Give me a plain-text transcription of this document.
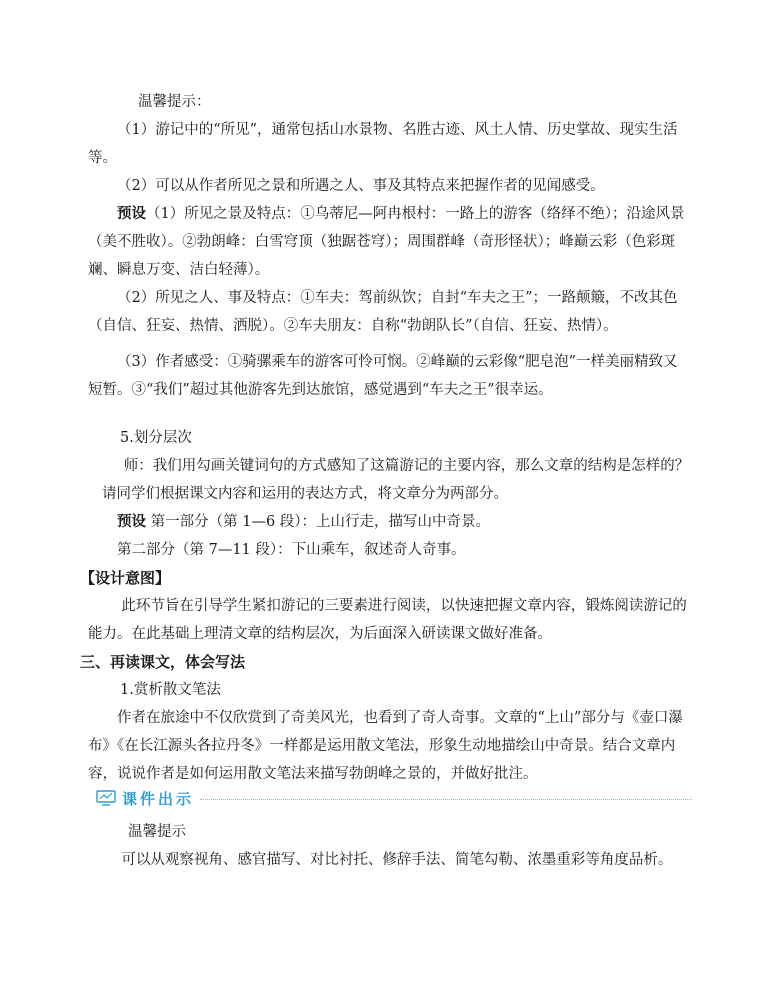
温馨提示：

（1）游记中的“所见”，通常包括山水景物、名胜古迹、风土人情、历史掌故、现实生活等。

（2）可以从作者所见之景和所遇之人、事及其特点来把握作者的见闻感受。

预设（1）所见之景及特点：①乌蒂尼—阿冉根村：一路上的游客（络绎不绝）；沿途风景（美不胜收）。②勃朗峰：白雪穹顶（独踞苍穹）；周围群峰（奇形怪状）；峰巅云彩（色彩斑斓、瞬息万变、洁白轻薄）。

（2）所见之人、事及特点：①车夫：驾前纵饮；自封“车夫之王”；一路颠簸，不改其色（自信、狂妄、热情、洒脱）。②车夫朋友：自称“勃朗队长”（自信、狂妄、热情）。

（3）作者感受：①骑骡乘车的游客可怜可悯。②峰巅的云彩像“肥皂泡”一样美丽精致又短暂。③“我们”超过其他游客先到达旅馆，感觉遇到“车夫之王”很幸运。

5.划分层次

师：我们用勾画关键词句的方式感知了这篇游记的主要内容，那么文章的结构是怎样的？请同学们根据课文内容和运用的表达方式，将文章分为两部分。

预设 第一部分（第 1—6 段）：上山行走，描写山中奇景。

第二部分（第 7—11 段）：下山乘车，叙述奇人奇事。

【设计意图】

此环节旨在引导学生紧扣游记的三要素进行阅读，以快速把握文章内容，锻炼阅读游记的能力。在此基础上理清文章的结构层次，为后面深入研读课文做好准备。

三、再读课文，体会写法

1.赏析散文笔法

作者在旅途中不仅欣赏到了奇美风光，也看到了奇人奇事。文章的“上山”部分与《壶口瀑布》《在长江源头各拉丹冬》一样都是运用散文笔法，形象生动地描绘山中奇景。结合文章内容，说说作者是如何运用散文笔法来描写勃朗峰之景的，并做好批注。

课件出示

温馨提示

可以从观察视角、感官描写、对比衬托、修辞手法、简笔勾勒、浓墨重彩等角度品析。
